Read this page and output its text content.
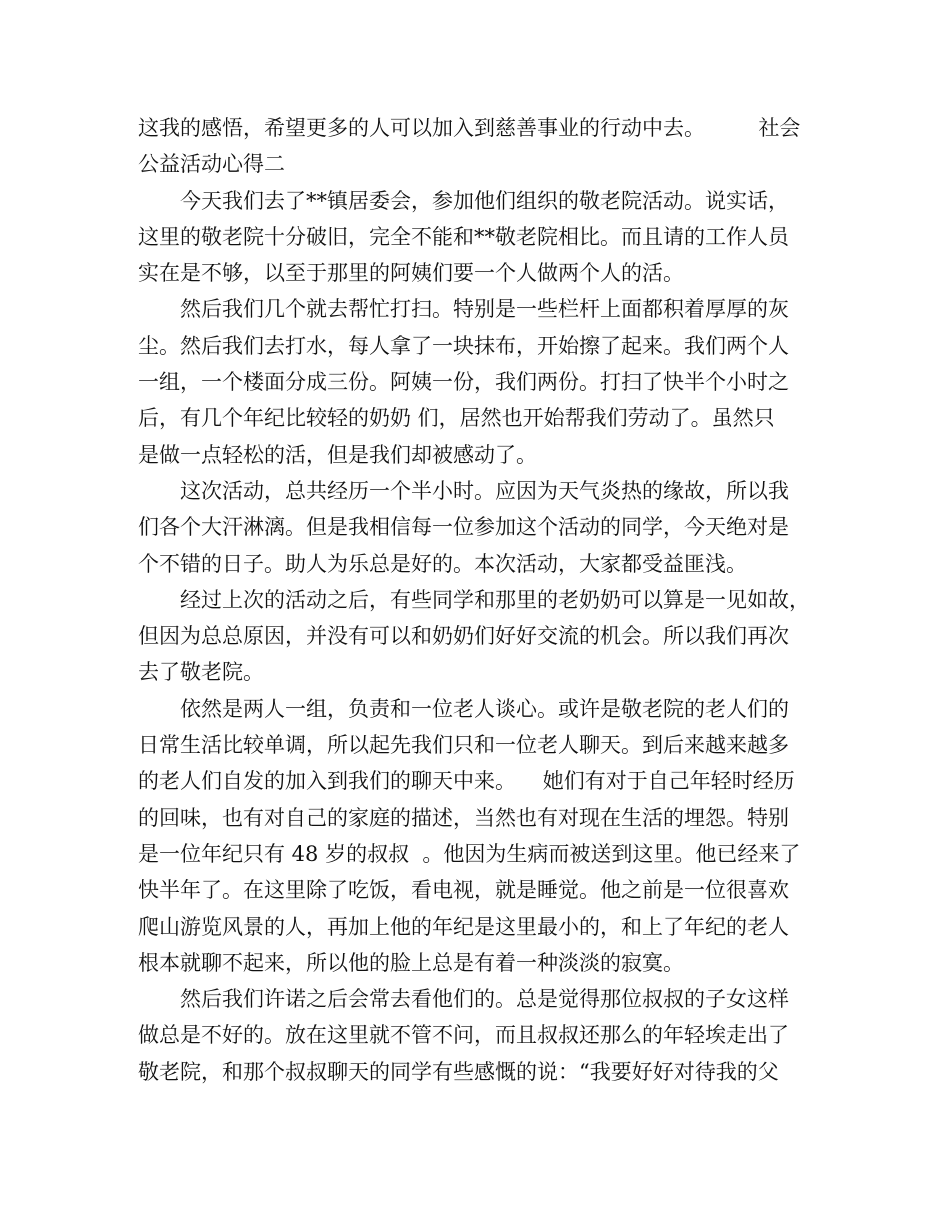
这我的感悟，希望更多的人可以加入到慈善事业的行动中去。        社会
公益活动心得二
今天我们去了**镇居委会，参加他们组织的敬老院活动。说实话，
这里的敬老院十分破旧，完全不能和**敬老院相比。而且请的工作人员
实在是不够，以至于那里的阿姨们要一个人做两个人的活。
然后我们几个就去帮忙打扫。特别是一些栏杆上面都积着厚厚的灰
尘。然后我们去打水，每人拿了一块抹布，开始擦了起来。我们两个人
一组，一个楼面分成三份。阿姨一份，我们两份。打扫了快半个小时之
后，有几个年纪比较轻的奶奶 们，居然也开始帮我们劳动了。虽然只
是做一点轻松的活，但是我们却被感动了。
这次活动，总共经历一个半小时。应因为天气炎热的缘故，所以我
们各个大汗淋漓。但是我相信每一位参加这个活动的同学，今天绝对是
个不错的日子。助人为乐总是好的。本次活动，大家都受益匪浅。
经过上次的活动之后，有些同学和那里的老奶奶可以算是一见如故，
但因为总总原因，并没有可以和奶奶们好好交流的机会。所以我们再次
去了敬老院。
依然是两人一组，负责和一位老人谈心。或许是敬老院的老人们的
日常生活比较单调，所以起先我们只和一位老人聊天。到后来越来越多
的老人们自发的加入到我们的聊天中来。    她们有对于自己年轻时经历
的回味，也有对自己的家庭的描述，当然也有对现在生活的埋怨。特别
是一位年纪只有 48 岁的叔叔  。他因为生病而被送到这里。他已经来了
快半年了。在这里除了吃饭，看电视，就是睡觉。他之前是一位很喜欢
爬山游览风景的人，再加上他的年纪是这里最小的，和上了年纪的老人
根本就聊不起来，所以他的脸上总是有着一种淡淡的寂寞。
然后我们许诺之后会常去看他们的。总是觉得那位叔叔的子女这样
做总是不好的。放在这里就不管不问，而且叔叔还那么的年轻埃走出了
敬老院，和那个叔叔聊天的同学有些感慨的说：“我要好好对待我的父
